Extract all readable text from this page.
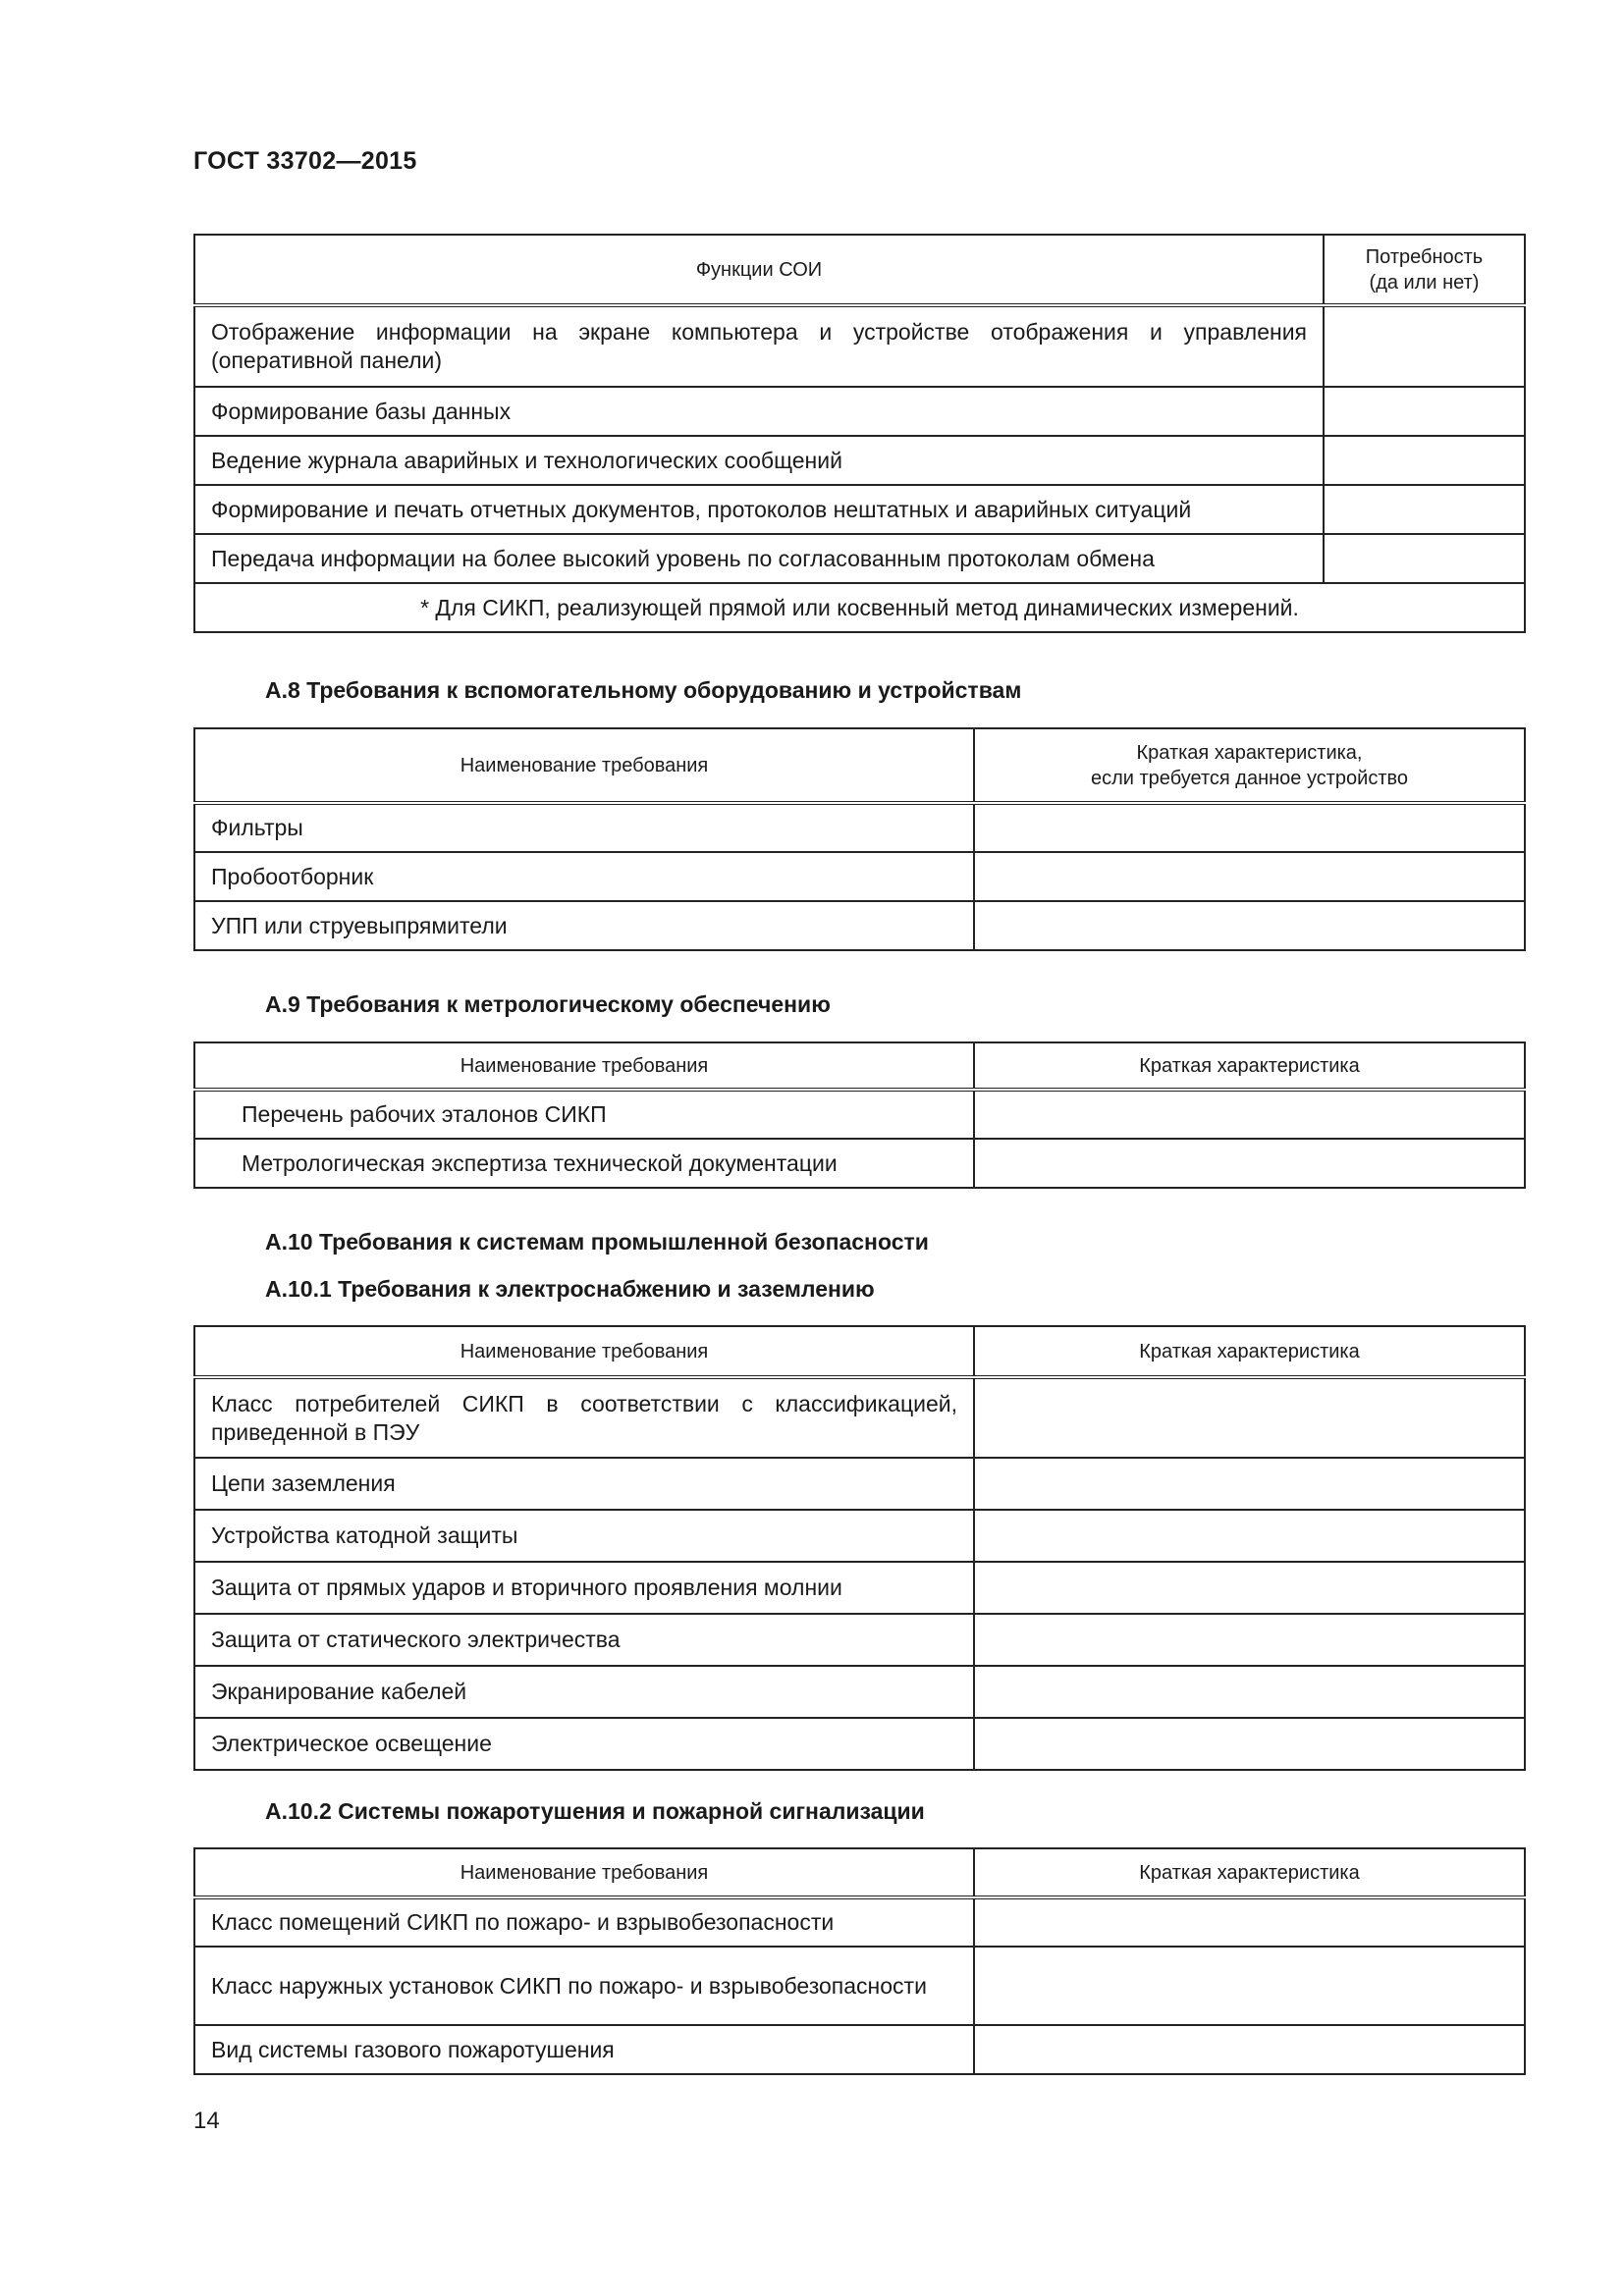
ГОСТ 33702—2015
Функции СОИ	Потребность
(да или нет)
Отображение информации на экране компьютера и устройстве отображения и управления (оперативной панели)	
Формирование базы данных	
Ведение журнала аварийных и технологических сообщений	
Формирование и печать отчетных документов, протоколов нештатных и аварийных ситуаций	
Передача информации на более высокий уровень по согласованным протоколам обмена	
* Для СИКП, реализующей прямой или косвенный метод динамических измерений.	
А.8 Требования к вспомогательному оборудованию и устройствам
Наименование требования	Краткая характеристика,
если требуется данное устройство
Фильтры	
Пробоотборник	
УПП или струевыпрямители	
А.9 Требования к метрологическому обеспечению
Наименование требования	Краткая характеристика
Перечень рабочих эталонов СИКП	
Метрологическая экспертиза технической документации	
А.10 Требования к системам промышленной безопасности
А.10.1 Требования к электроснабжению и заземлению
Наименование требования	Краткая характеристика
Класс потребителей СИКП в соответствии с классификацией, приведенной в ПЭУ	
Цепи заземления	
Устройства катодной защиты	
Защита от прямых ударов и вторичного проявления молнии	
Защита от статического электричества	
Экранирование кабелей	
Электрическое освещение	
А.10.2 Системы пожаротушения и пожарной сигнализации
Наименование требования	Краткая характеристика
Класс помещений СИКП по пожаро- и взрывобезопасности	
Класс наружных установок СИКП по пожаро- и взрывобезопасности	
Вид системы газового пожаротушения	
14
